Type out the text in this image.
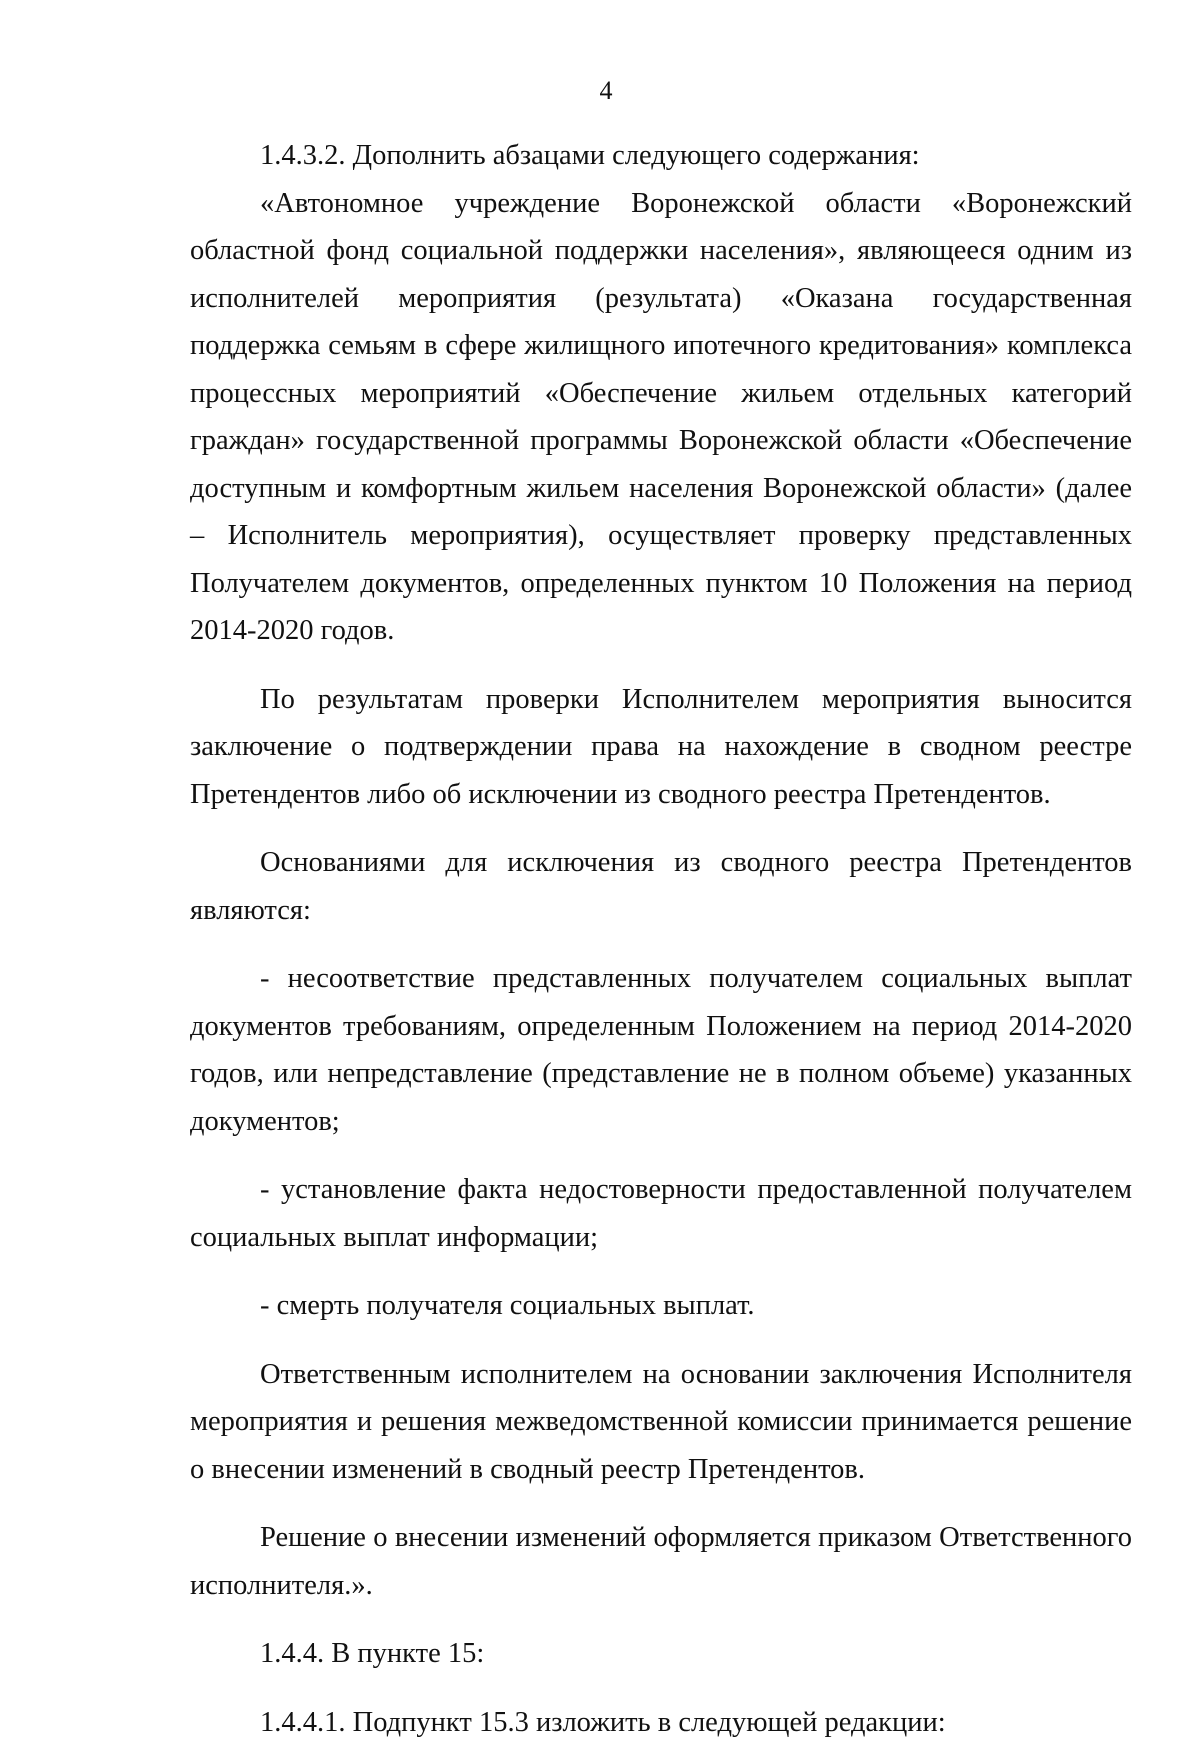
4

1.4.3.2. Дополнить абзацами следующего содержания:

«Автономное учреждение Воронежской области «Воронежский областной фонд социальной поддержки населения», являющееся одним из исполнителей мероприятия (результата) «Оказана государственная поддержка семьям в сфере жилищного ипотечного кредитования» комплекса процессных мероприятий «Обеспечение жильем отдельных категорий граждан» государственной программы Воронежской области «Обеспечение доступным и комфортным жильем населения Воронежской области» (далее – Исполнитель мероприятия), осуществляет проверку представленных Получателем документов, определенных пунктом 10 Положения на период 2014-2020 годов.

По результатам проверки Исполнителем мероприятия выносится заключение о подтверждении права на нахождение в сводном реестре Претендентов либо об исключении из сводного реестра Претендентов.

Основаниями для исключения из сводного реестра Претендентов являются:

- несоответствие представленных получателем социальных выплат документов требованиям, определенным Положением на период 2014-2020 годов, или непредставление (представление не в полном объеме) указанных документов;

- установление факта недостоверности предоставленной получателем социальных выплат информации;

- смерть получателя социальных выплат.

Ответственным исполнителем на основании заключения Исполнителя мероприятия и решения межведомственной комиссии принимается решение о внесении изменений в сводный реестр Претендентов.

Решение о внесении изменений оформляется приказом Ответственного исполнителя.».

1.4.4. В пункте 15:

1.4.4.1. Подпункт 15.3 изложить в следующей редакции:
